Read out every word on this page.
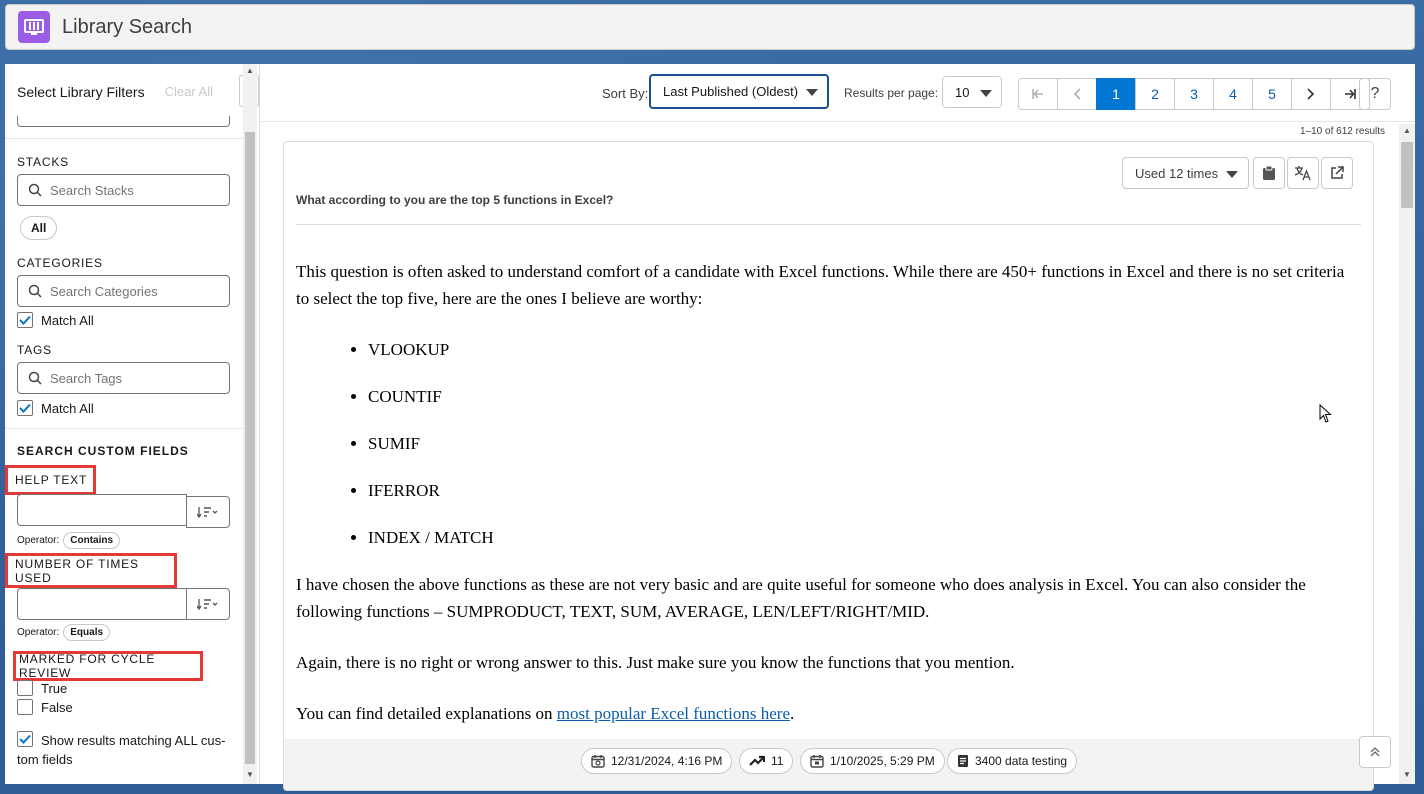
Library Search
Select Library Filters Clear All
STACKS
Search Stacks
All
CATEGORIES
Search Categories
Match All
TAGS
Search Tags
Match All
SEARCH CUSTOM FIELDS
HELP TEXT
Operator:	Contains
NUMBER OF TIMES USED
Operator:	Equals
MARKED FOR CYCLE REVIEW
True
False
Show results matching ALL cus-
tom fields
▲
▼
Sort By: Last Published (Oldest)	Results per page: 10	1	2	3	4	5	?
1–10 of 612 results
Used 12 times
What according to you are the top 5 functions in Excel?

This question is often asked to understand comfort of a candidate with Excel functions. While there are 450+ functions in Excel and there is no set criteria to select the top five, here are the ones I believe are worthy:

• VLOOKUP
• COUNTIF
• SUMIF
• IFERROR
• INDEX / MATCH

I have chosen the above functions as these are not very basic and are quite useful for someone who does analysis in Excel. You can also consider the following functions – SUMPRODUCT, TEXT, SUM, AVERAGE, LEN/LEFT/RIGHT/MID.

Again, there is no right or wrong answer to this. Just make sure you know the functions that you mention.

You can find detailed explanations on most popular Excel functions here.

12/31/2024, 4:16 PM	11	1/10/2025, 5:29 PM	3400 data testing
▲
▼
